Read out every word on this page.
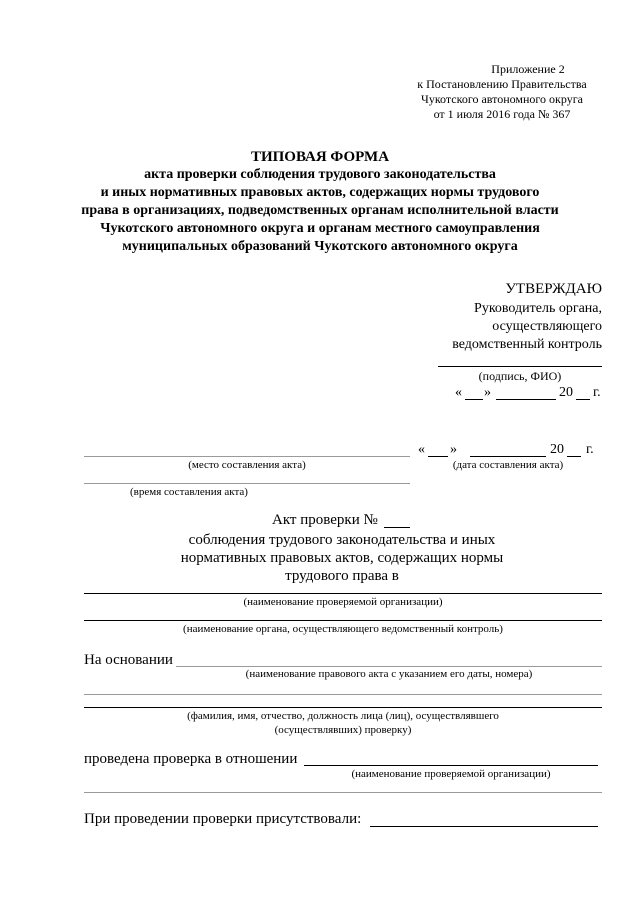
Приложение 2
к Постановлению Правительства
Чукотского автономного округа
от 1 июля 2016 года № 367
ТИПОВАЯ ФОРМА
акта проверки соблюдения трудового законодательства
и иных нормативных правовых актов, содержащих нормы трудового
права в организациях, подведомственных органам исполнительной власти
Чукотского автономного округа и органам местного самоуправления
муниципальных образований Чукотского автономного округа
УТВЕРЖДАЮ
Руководитель органа,
осуществляющего
ведомственный контроль
(подпись, ФИО)
« »	20 г.
(место составления акта)
« »	20 г.
(дата составления акта)
(время составления акта)
Акт проверки №
соблюдения трудового законодательства и иных
нормативных правовых актов, содержащих нормы
трудового права в
(наименование проверяемой организации)
(наименование органа, осуществляющего ведомственный контроль)
На основании
(наименование правового акта с указанием его даты, номера)
(фамилия, имя, отчество, должность лица (лиц), осуществлявшего
(осуществлявших) проверку)
проведена проверка в отношении
(наименование проверяемой организации)
При проведении проверки присутствовали:
